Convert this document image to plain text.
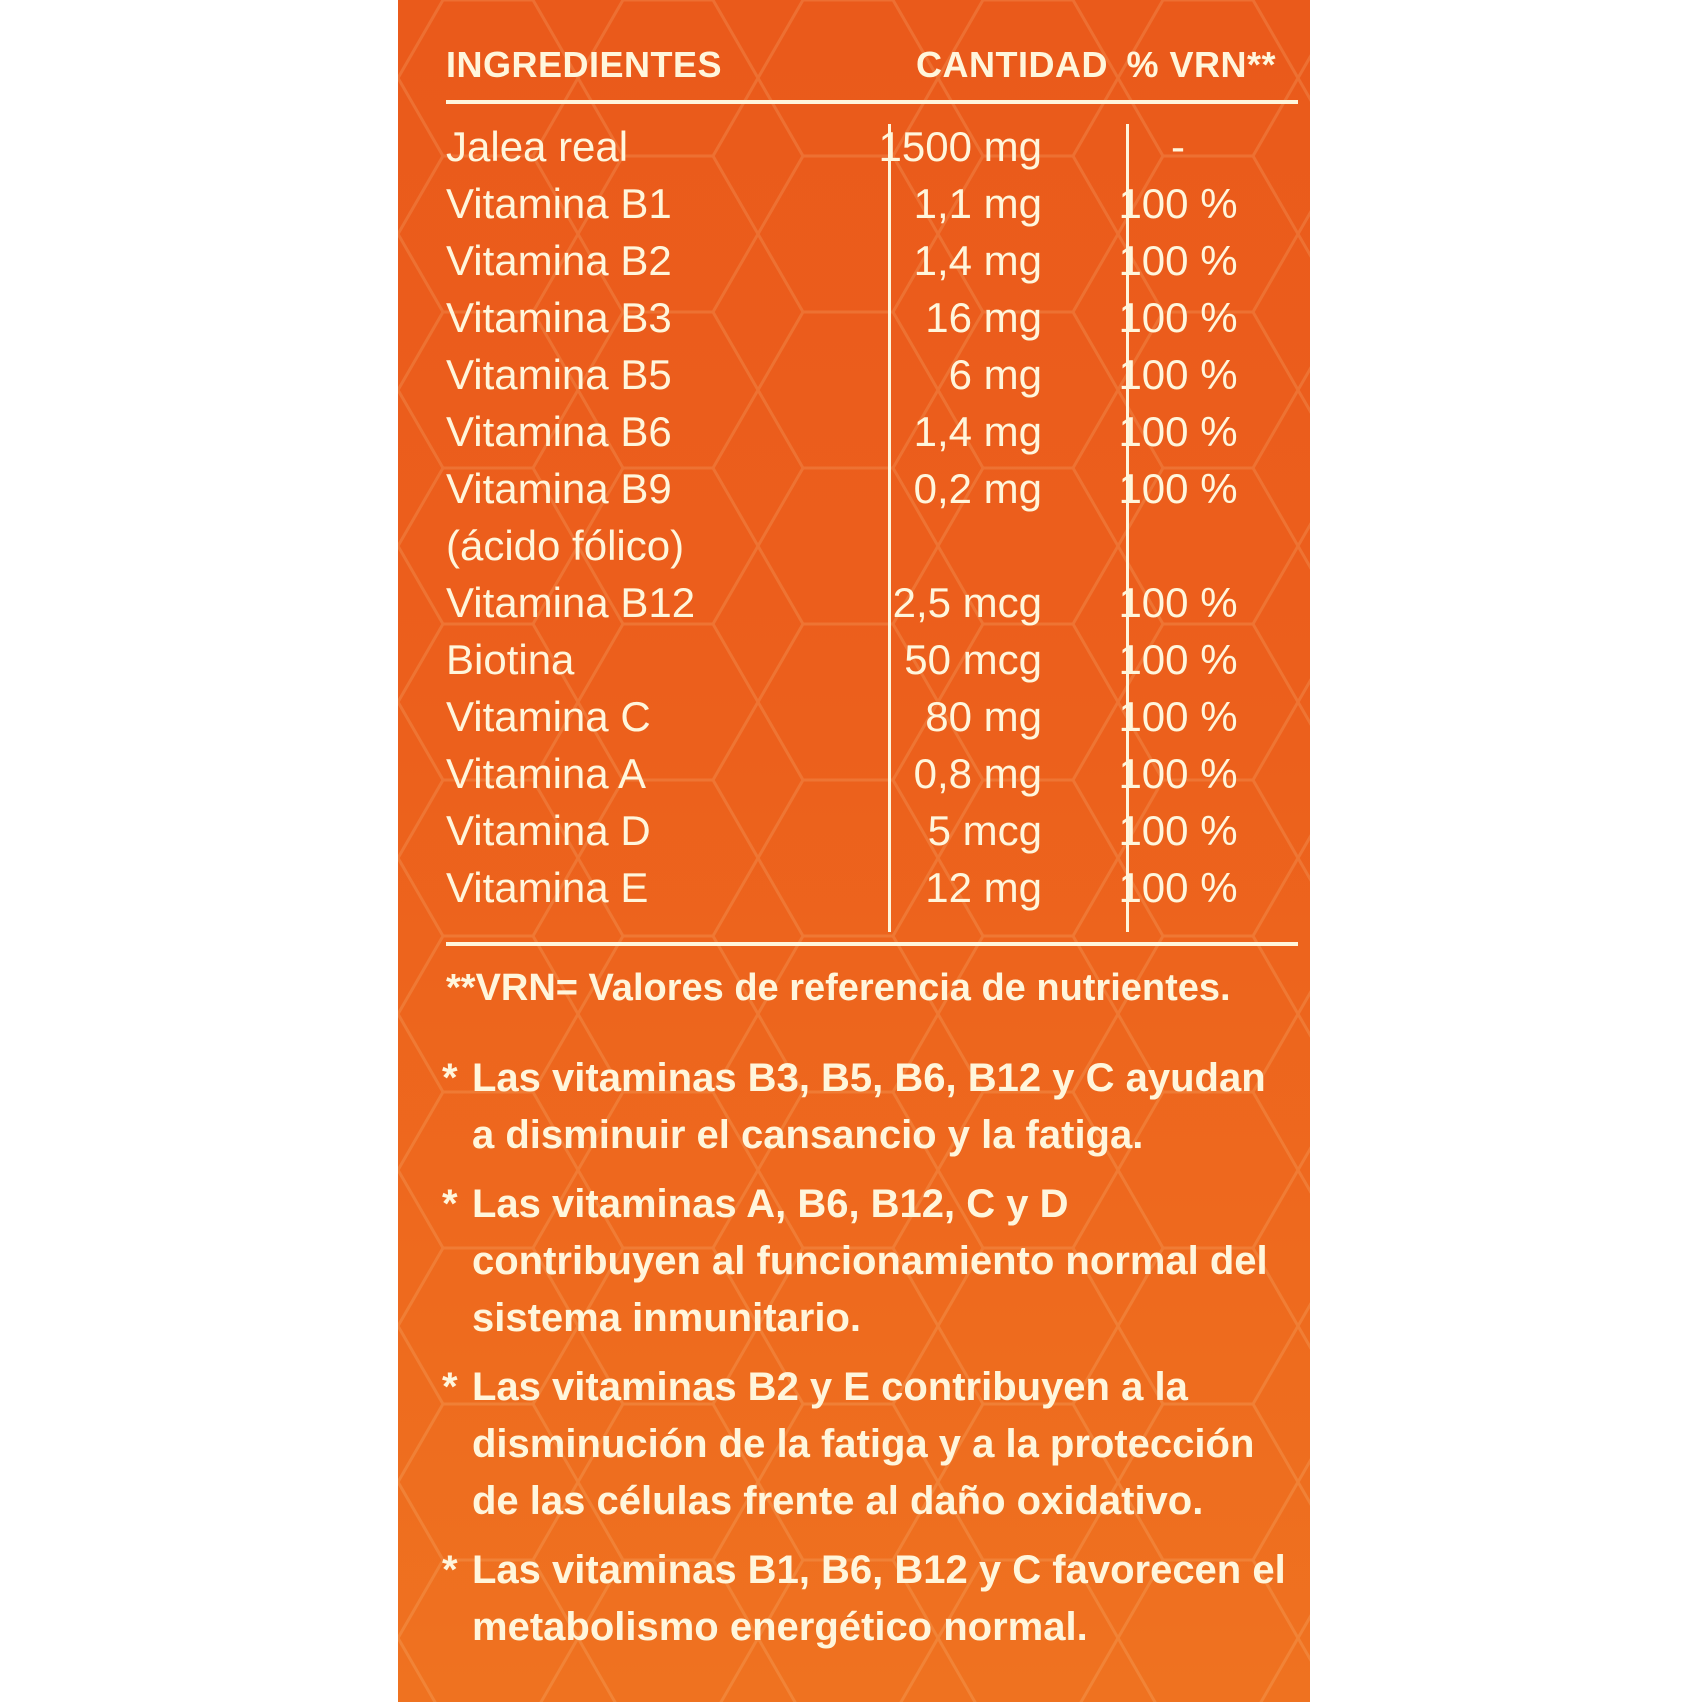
INGREDIENTES	CANTIDAD % VRN**
Jalea real	1500 mg	-
Vitamina B1	1,1 mg	100 %
Vitamina B2	1,4 mg	100 %
Vitamina B3	16 mg	100 %
Vitamina B5	6 mg	100 %
Vitamina B6	1,4 mg	100 %
Vitamina B9
(ácido fólico)
0,2 mg	100 %
Vitamina B12	2,5 mcg	100 %
Biotina	50 mcg	100 %
Vitamina C	80 mg	100 %
Vitamina A	0,8 mg	100 %
Vitamina D	5 mcg	100 %
Vitamina E	12 mg	100 %
**VRN= Valores de referencia de nutrientes.
* Las vitaminas B3, B5, B6, B12 y C ayudan a disminuir el cansancio y la fatiga.
* Las vitaminas A, B6, B12, C y D contribuyen al funcionamiento normal del sistema inmunitario.
* Las vitaminas B2 y E contribuyen a la disminución de la fatiga y a la protección de las células frente al daño oxidativo.
* Las vitaminas B1, B6, B12 y C favorecen el metabolismo energético normal.
